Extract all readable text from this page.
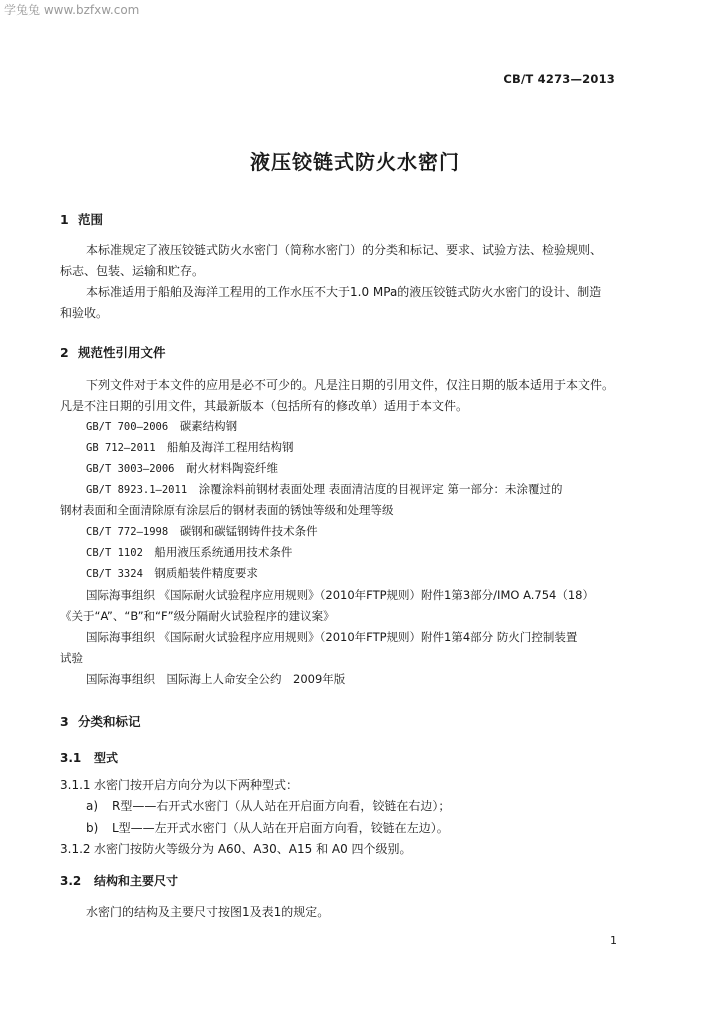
学兔兔 www.bzfxw.com
CB/T 4273—2013
液压铰链式防火水密门
1 范围
本标准规定了液压铰链式防火水密门（简称水密门）的分类和标记、要求、试验方法、检验规则、
标志、包装、运输和贮存。
本标准适用于船舶及海洋工程用的工作水压不大于1.0 MPa的液压铰链式防火水密门的设计、制造
和验收。
2 规范性引用文件
下列文件对于本文件的应用是必不可少的。凡是注日期的引用文件，仅注日期的版本适用于本文件。
凡是不注日期的引用文件，其最新版本（包括所有的修改单）适用于本文件。
GB/T 700—2006　 碳素结构钢
GB 712—2011　 船舶及海洋工程用结构钢
GB/T 3003—2006　 耐火材料陶瓷纤维
GB/T 8923.1—2011　 涂覆涂料前钢材表面处理 表面清洁度的目视评定 第一部分：未涂覆过的
钢材表面和全面清除原有涂层后的钢材表面的锈蚀等级和处理等级
CB/T 772—1998　 碳钢和碳锰钢铸件技术条件
CB/T 1102　 船用液压系统通用技术条件
CB/T 3324　 钢质船装件精度要求
国际海事组织 《国际耐火试验程序应用规则》（2010年FTP规则）附件1第3部分/IMO A.754（18）
《关于“A”、“B”和“F”级分隔耐火试验程序的建议案》
国际海事组织 《国际耐火试验程序应用规则》（2010年FTP规则）附件1第4部分 防火门控制装置
试验
国际海事组织　国际海上人命安全公约　2009年版
3 分类和标记
3.1 型式
3.1.1 水密门按开启方向分为以下两种型式：
a) R型——右开式水密门（从人站在开启面方向看，铰链在右边）；
b) L型——左开式水密门（从人站在开启面方向看，铰链在左边）。
3.1.2 水密门按防火等级分为 A60、A30、A15 和 A0 四个级别。
3.2 结构和主要尺寸
水密门的结构及主要尺寸按图1及表1的规定。
1
